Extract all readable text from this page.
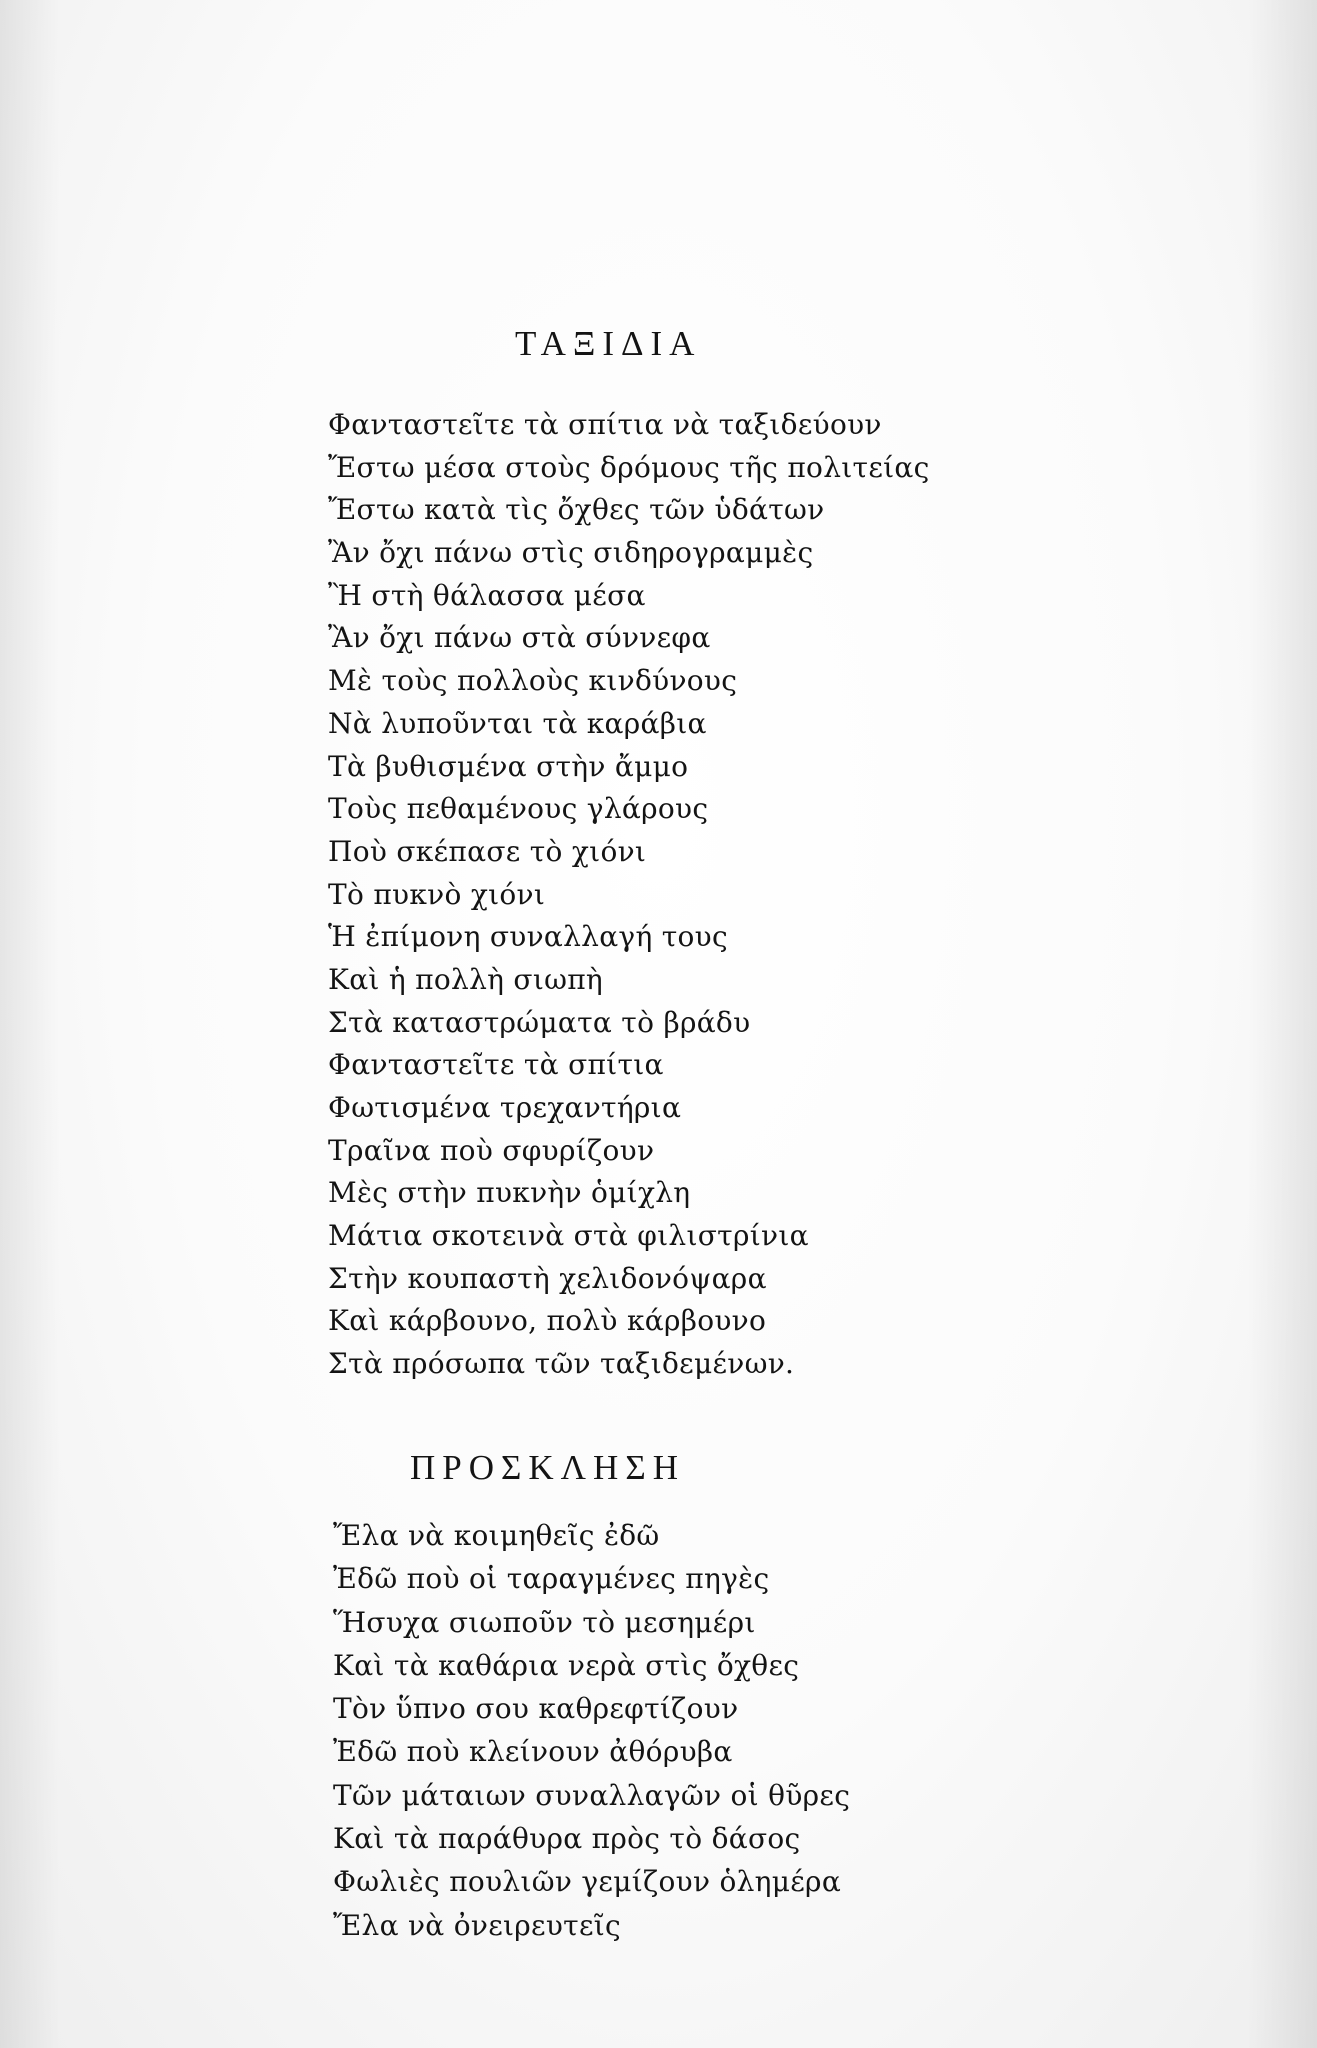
ΤΑΞΙΔΙΑ
Φανταστεῖτε τὰ σπίτια νὰ ταξιδεύουν
Ἔστω μέσα στοὺς δρόμους τῆς πολιτείας
Ἔστω κατὰ τὶς ὄχθες τῶν ὑδάτων
Ἂν ὄχι πάνω στὶς σιδηρογραμμὲς
Ἢ στὴ θάλασσα μέσα
Ἂν ὄχι πάνω στὰ σύννεφα
Μὲ τοὺς πολλοὺς κινδύνους
Νὰ λυποῦνται τὰ καράβια
Τὰ βυθισμένα στὴν ἄμμο
Τοὺς πεθαμένους γλάρους
Ποὺ σκέπασε τὸ χιόνι
Τὸ πυκνὸ χιόνι
Ἡ ἐπίμονη συναλλαγή τους
Καὶ ἡ πολλὴ σιωπὴ
Στὰ καταστρώματα τὸ βράδυ
Φανταστεῖτε τὰ σπίτια
Φωτισμένα τρεχαντήρια
Τραῖνα ποὺ σφυρίζουν
Μὲς στὴν πυκνὴν ὁμίχλη
Μάτια σκοτεινὰ στὰ φιλιστρίνια
Στὴν κουπαστὴ χελιδονόψαρα
Καὶ κάρβουνο, πολὺ κάρβουνο
Στὰ πρόσωπα τῶν ταξιδεμένων.
ΠΡΟΣΚΛΗΣΗ
Ἔλα νὰ κοιμηθεῖς ἐδῶ
Ἐδῶ ποὺ οἱ ταραγμένες πηγὲς
Ἥσυχα σιωποῦν τὸ μεσημέρι
Καὶ τὰ καθάρια νερὰ στὶς ὄχθες
Τὸν ὕπνο σου καθρεφτίζουν
Ἐδῶ ποὺ κλείνουν ἀθόρυβα
Τῶν μάταιων συναλλαγῶν οἱ θῦρες
Καὶ τὰ παράθυρα πρὸς τὸ δάσος
Φωλιὲς πουλιῶν γεμίζουν ὁλημέρα
Ἔλα νὰ ὀνειρευτεῖς
